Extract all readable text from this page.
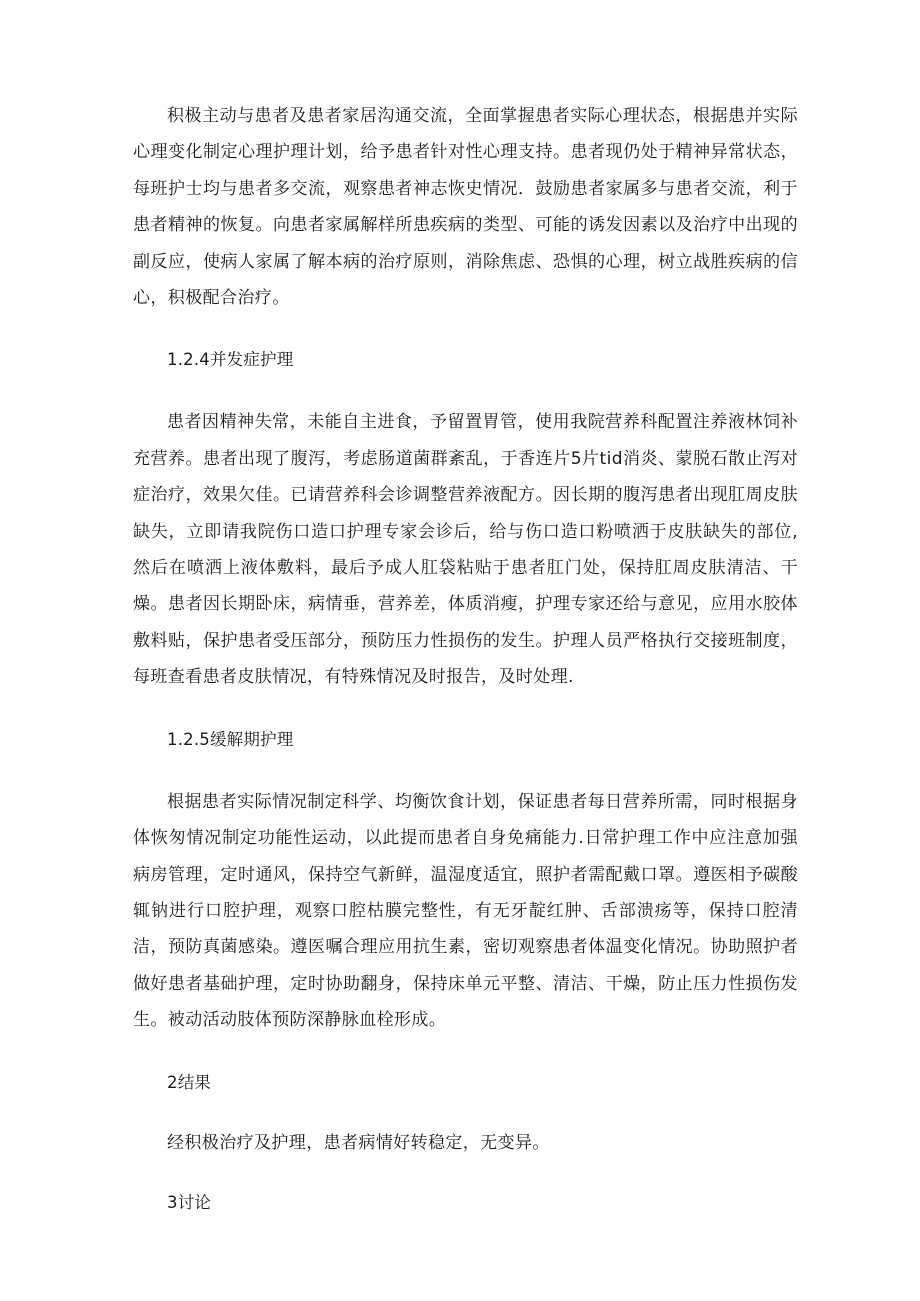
积极主动与患者及患者家居沟通交流，全面掌握患者实际心理状态，根据患并实际心理变化制定心理护理计划，给予患者针对性心理支持。患者现仍处于精神异常状态，每班护士均与患者多交流，观察患者神志恢史情况．鼓励患者家属多与患者交流，利于患者精神的恢复。向患者家属解样所患疾病的类型、可能的诱发因素以及治疗中出现的副反应，使病人家属了解本病的治疗原则，消除焦虑、恐惧的心理，树立战胜疾病的信心，积极配合治疗。

1.2.4并发症护理

患者因精神失常，未能自主进食，予留置胃管，使用我院营养科配置注养液林饲补充营养。患者出现了腹泻，考虑肠道菌群紊乱，于香连片5片tid消炎、蒙脱石散止泻对症治疗，效果欠佳。已请营养科会诊调整营养液配方。因长期的腹泻患者出现肛周皮肤缺失，立即请我院伤口造口护理专家会诊后，给与伤口造口粉喷洒于皮肤缺失的部位,然后在喷洒上液体敷料，最后予成人肛袋粘贴于患者肛门处，保持肛周皮肤清洁、干燥。患者因长期卧床，病情垂，营养差，体质消瘦，护理专家还给与意见，应用水胶体敷料贴，保护患者受压部分，预防压力性损伤的发生。护理人员严格执行交接班制度，每班查看患者皮肤情况，有特殊情况及时报告，及时处理.

1.2.5缓解期护理

根据患者实际情况制定科学、均衡饮食计划，保证患者每日营养所需，同时根据身体恢匆情况制定功能性运动，以此提而患者自身免痛能力.日常护理工作中应注意加强病房管理，定时通风，保持空气新鲜，温湿度适宜，照护者需配戴口罩。遵医相予碳酸辄钠进行口腔护理，观察口腔枯膜完整性，有无牙靛红肿、舌部溃疡等，保持口腔清洁，预防真菌感染。遵医嘱合理应用抗生素，密切观察患者体温变化情况。协助照护者做好患者基础护理，定时协助翻身，保持床单元平整、清洁、干燥，防止压力性损伤发生。被动活动肢体预防深静脉血栓形成。

2结果

经积极治疗及护理，患者病情好转稳定，无变异。

3讨论
